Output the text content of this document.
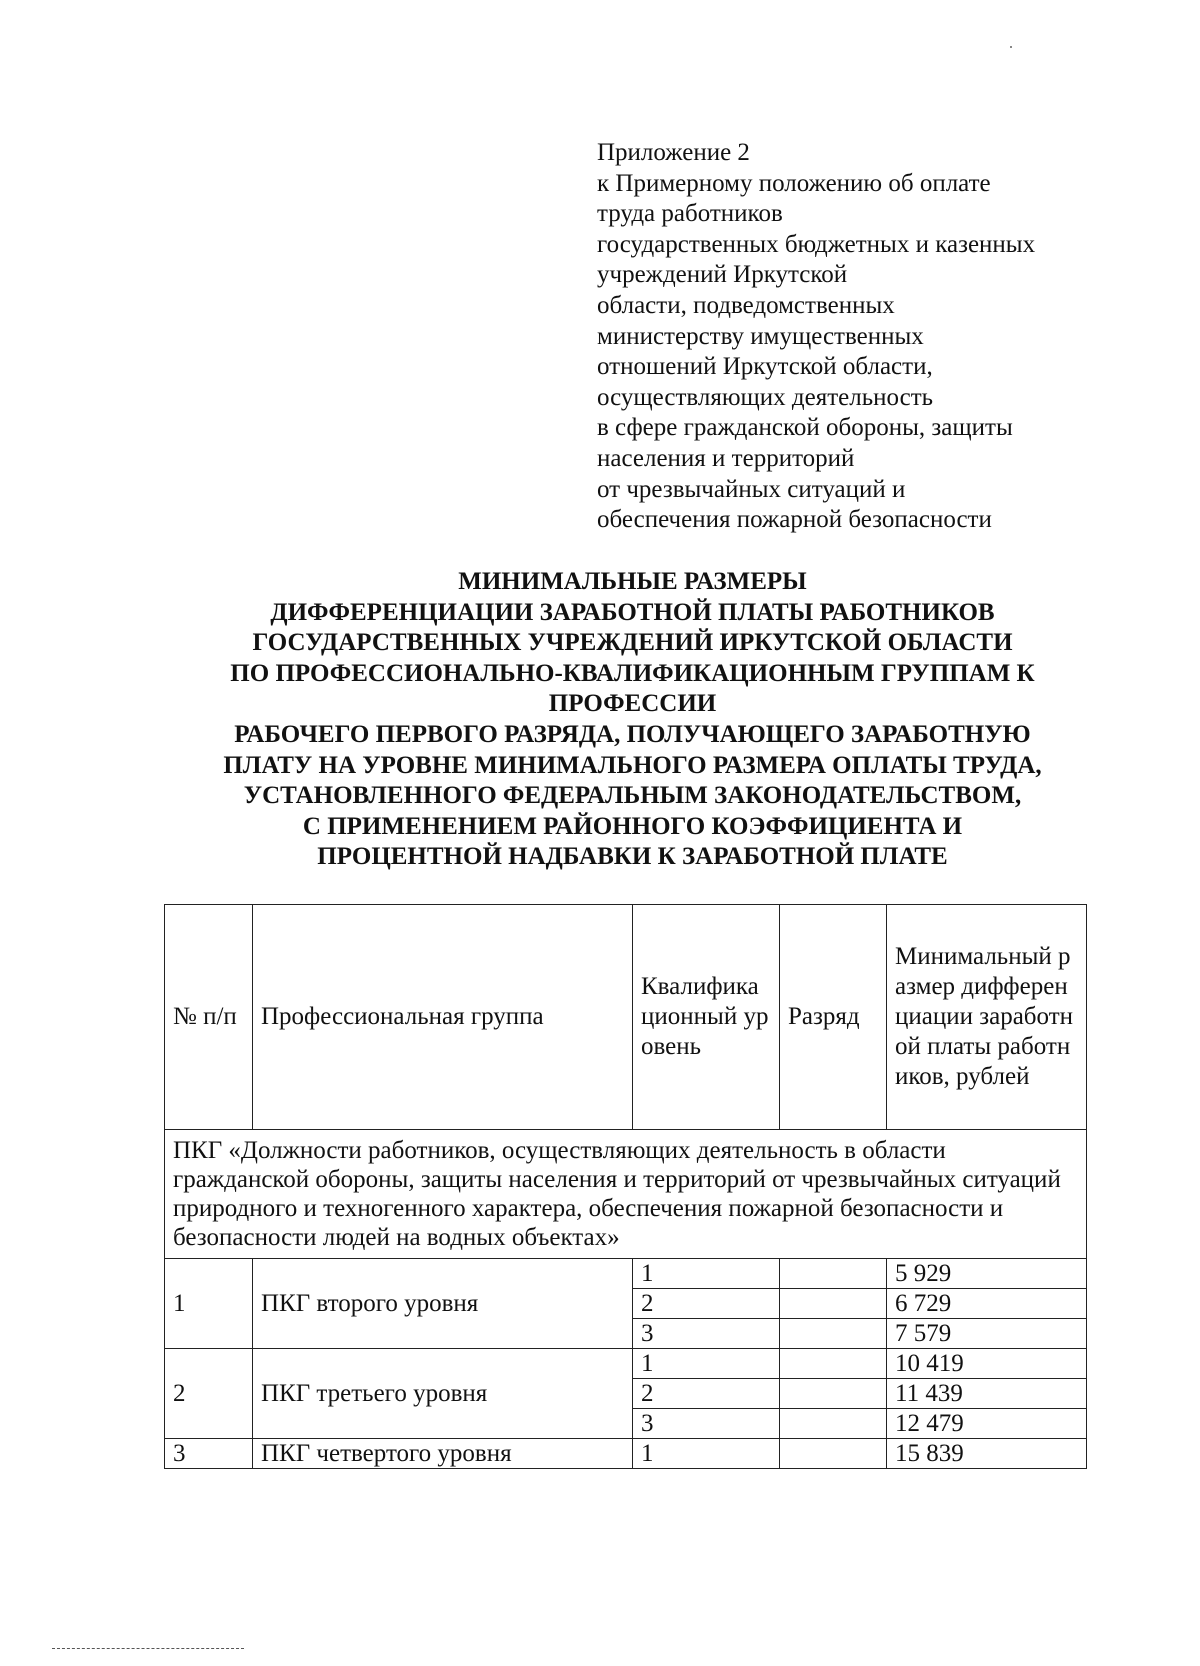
Приложение 2
к Примерному положению об оплате
труда работников
государственных бюджетных и казенных
учреждений Иркутской
области, подведомственных
министерству имущественных
отношений Иркутской области,
осуществляющих деятельность
в сфере гражданской обороны, защиты
населения и территорий
от чрезвычайных ситуаций и
обеспечения пожарной безопасности
МИНИМАЛЬНЫЕ РАЗМЕРЫ
ДИФФЕРЕНЦИАЦИИ ЗАРАБОТНОЙ ПЛАТЫ РАБОТНИКОВ
ГОСУДАРСТВЕННЫХ УЧРЕЖДЕНИЙ ИРКУТСКОЙ ОБЛАСТИ
ПО ПРОФЕССИОНАЛЬНО-КВАЛИФИКАЦИОННЫМ ГРУППАМ К
ПРОФЕССИИ
РАБОЧЕГО ПЕРВОГО РАЗРЯДА, ПОЛУЧАЮЩЕГО ЗАРАБОТНУЮ
ПЛАТУ НА УРОВНЕ МИНИМАЛЬНОГО РАЗМЕРА ОПЛАТЫ ТРУДА,
УСТАНОВЛЕННОГО ФЕДЕРАЛЬНЫМ ЗАКОНОДАТЕЛЬСТВОМ,
С ПРИМЕНЕНИЕМ РАЙОННОГО КОЭФФИЦИЕНТА И
ПРОЦЕНТНОЙ НАДБАВКИ К ЗАРАБОТНОЙ ПЛАТЕ
№ п/п	Профессиональная группа	Квалификационный уровень	Разряд	Минимальный размер дифференциации заработной платы работников, рублей
ПКГ «Должности работников, осуществляющих деятельность в области гражданской обороны, защиты населения и территорий от чрезвычайных ситуаций природного и техногенного характера, обеспечения пожарной безопасности и безопасности людей на водных объектах»				
1	ПКГ второго уровня	1		5 929
		2		6 729
		3		7 579
2	ПКГ третьего уровня	1		10 419
		2		11 439
		3		12 479
3	ПКГ четвертого уровня	1		15 839
